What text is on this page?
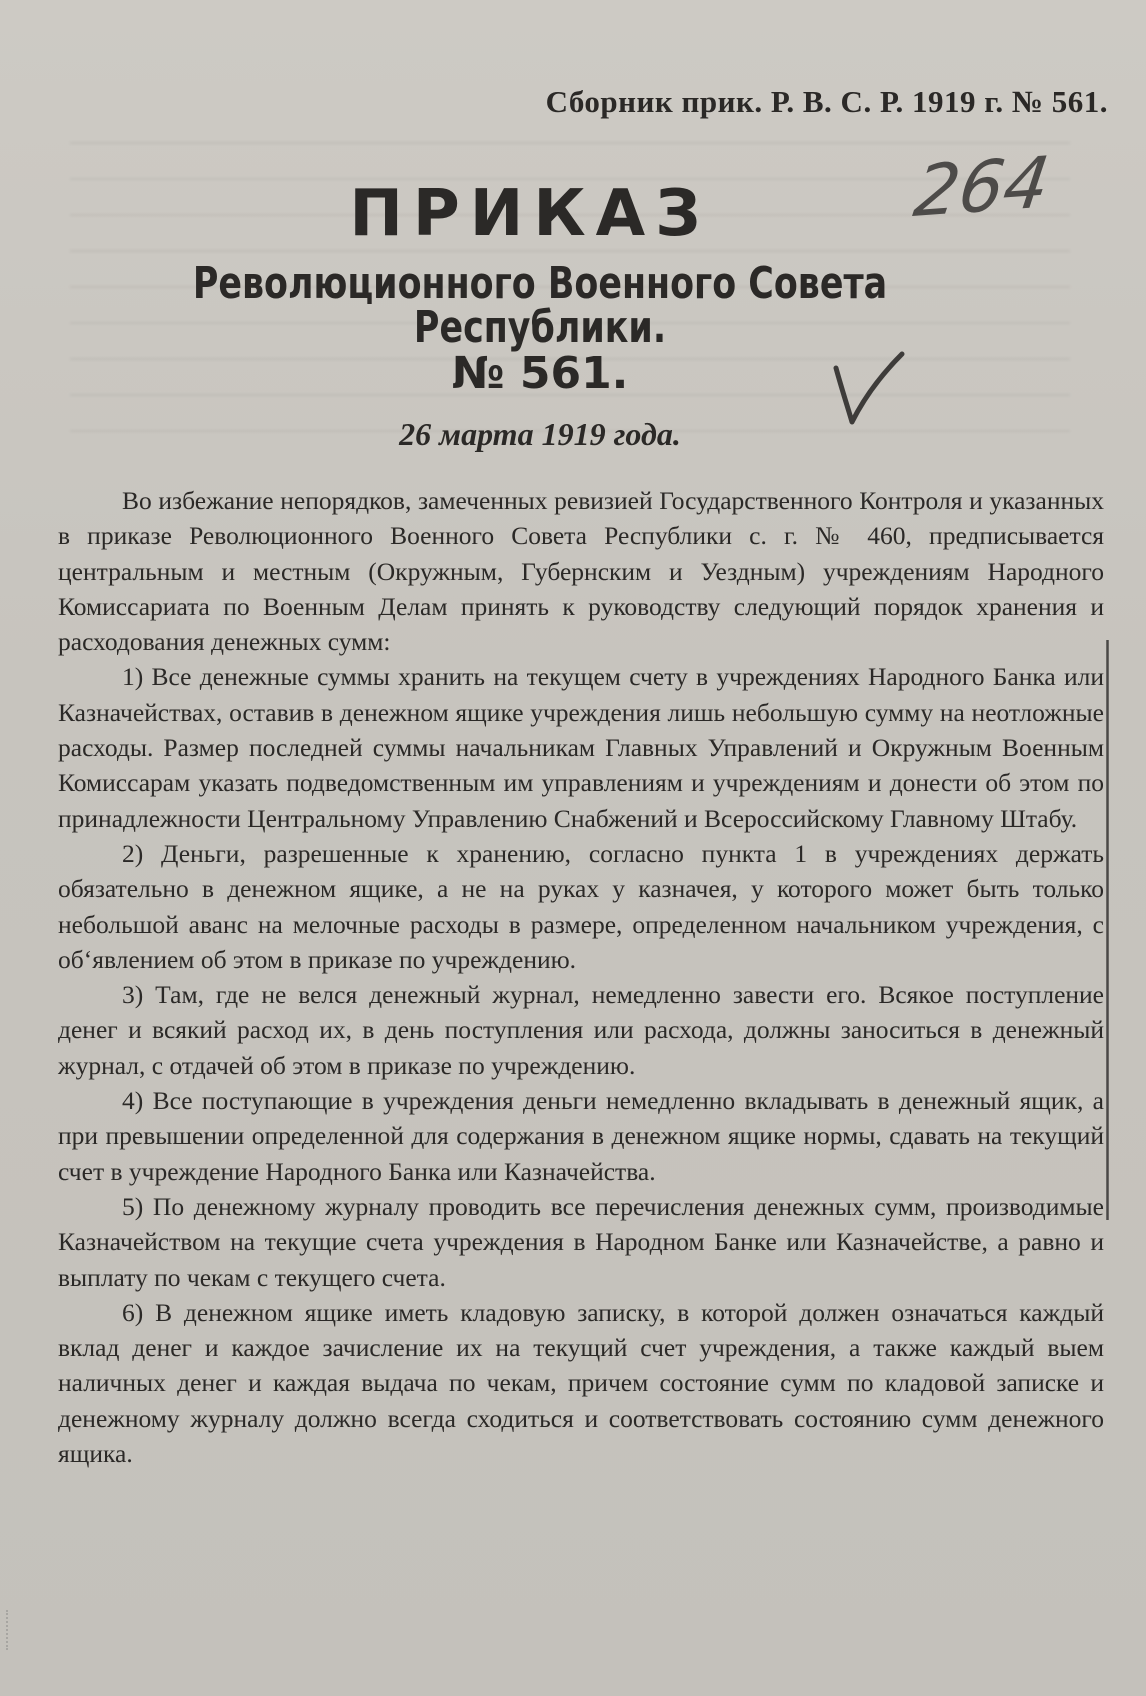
Сборник прик. Р. В. С. Р. 1919 г. № 561.
264
ПРИКАЗ
Революционного Военного Совета Республики.
№ 561.
26 марта 1919 года.

Во избежание непорядков, замеченных ревизией Государственного Контроля и указанных в приказе Революционного Военного Совета Республики с. г. № 460, предписывается центральным и местным (Окружным, Губернским и Уездным) учреждениям Народного Комиссариата по Военным Делам принять к руководству следующий порядок хранения и расходования денежных сумм:

1) Все денежные суммы хранить на текущем счету в учреждениях Народного Банка или Казначействах, оставив в денежном ящике учреждения лишь небольшую сумму на неотложные расходы. Размер последней суммы начальникам Главных Управлений и Окружным Военным Комиссарам указать подведомственным им управлениям и учреждениям и донести об этом по принадлежности Центральному Управлению Снабжений и Всероссийскому Главному Штабу.

2) Деньги, разрешенные к хранению, согласно пункта 1 в учреждениях держать обязательно в денежном ящике, а не на руках у казначея, у которого может быть только небольшой аванс на мелочные расходы в размере, определенном начальником учреждения, с об‘явлением об этом в приказе по учреждению.

3) Там, где не велся денежный журнал, немедленно завести его. Всякое поступление денег и всякий расход их, в день поступления или расхода, должны заноситься в денежный журнал, с отдачей об этом в приказе по учреждению.

4) Все поступающие в учреждения деньги немедленно вкладывать в денежный ящик, а при превышении определенной для содержания в денежном ящике нормы, сдавать на текущий счет в учреждение Народного Банка или Казначейства.

5) По денежному журналу проводить все перечисления денежных сумм, производимые Казначейством на текущие счета учреждения в Народном Банке или Казначействе, а равно и выплату по чекам с текущего счета.

6) В денежном ящике иметь кладовую записку, в которой должен означаться каждый вклад денег и каждое зачисление их на текущий счет учреждения, а также каждый выем наличных денег и каждая выдача по чекам, причем состояние сумм по кладовой записке и денежному журналу должно всегда сходиться и соответствовать состоянию сумм денежного ящика.
